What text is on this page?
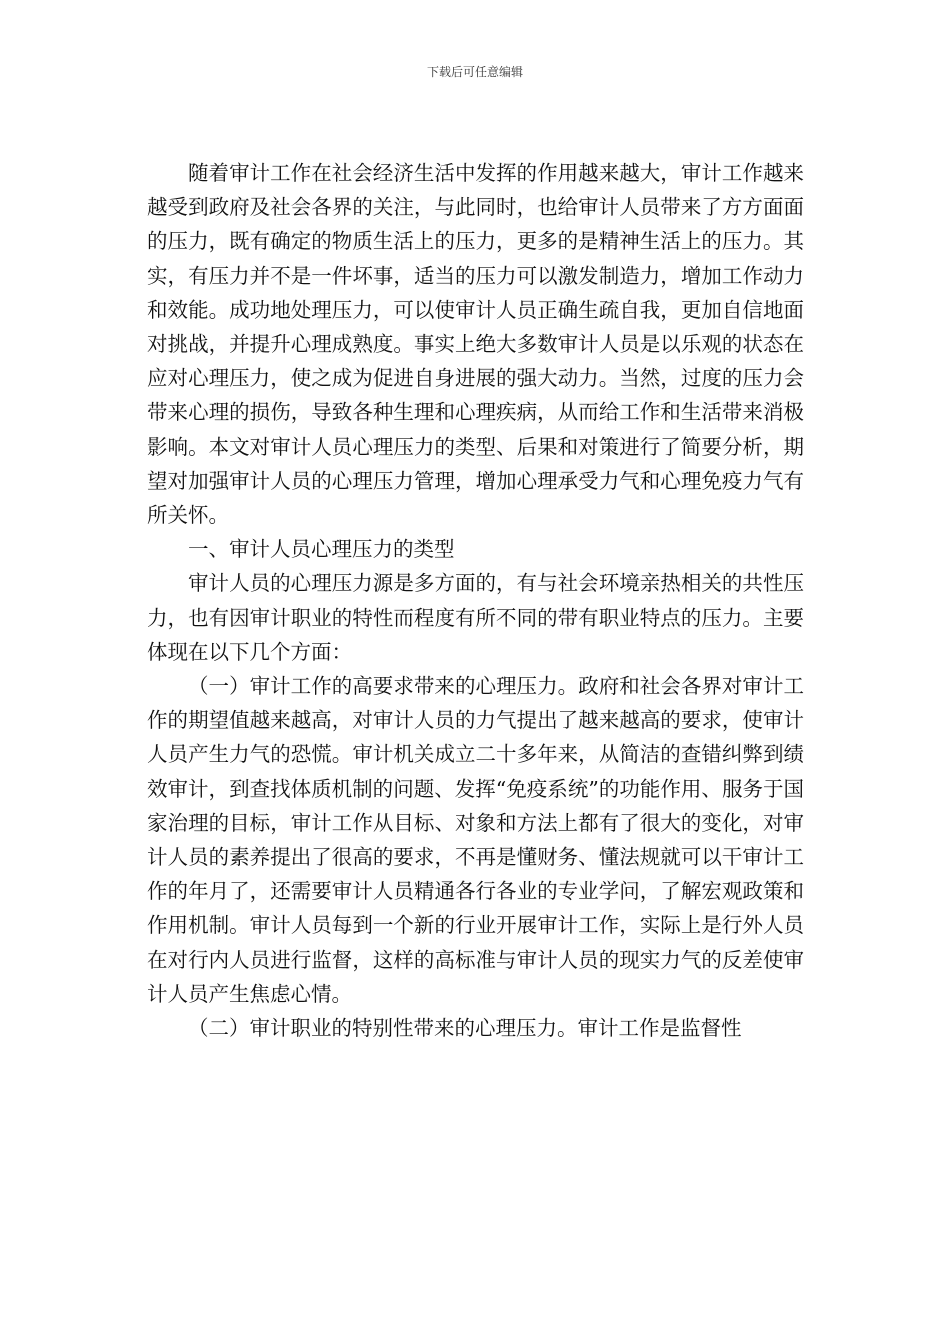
下载后可任意编辑

随着审计工作在社会经济生活中发挥的作用越来越大，审计工作越来越受到政府及社会各界的关注，与此同时，也给审计人员带来了方方面面的压力，既有确定的物质生活上的压力，更多的是精神生活上的压力。其实，有压力并不是一件坏事，适当的压力可以激发制造力，增加工作动力和效能。成功地处理压力，可以使审计人员正确生疏自我，更加自信地面对挑战，并提升心理成熟度。事实上绝大多数审计人员是以乐观的状态在应对心理压力，使之成为促进自身进展的强大动力。当然，过度的压力会带来心理的损伤，导致各种生理和心理疾病，从而给工作和生活带来消极影响。本文对审计人员心理压力的类型、后果和对策进行了简要分析，期望对加强审计人员的心理压力管理，增加心理承受力气和心理免疫力气有所关怀。

一、审计人员心理压力的类型

审计人员的心理压力源是多方面的，有与社会环境亲热相关的共性压力，也有因审计职业的特性而程度有所不同的带有职业特点的压力。主要体现在以下几个方面：

（一）审计工作的高要求带来的心理压力。政府和社会各界对审计工作的期望值越来越高，对审计人员的力气提出了越来越高的要求，使审计人员产生力气的恐慌。审计机关成立二十多年来，从简洁的查错纠弊到绩效审计，到查找体质机制的问题、发挥“免疫系统”的功能作用、服务于国家治理的目标，审计工作从目标、对象和方法上都有了很大的变化，对审计人员的素养提出了很高的要求，不再是懂财务、懂法规就可以干审计工作的年月了，还需要审计人员精通各行各业的专业学问，了解宏观政策和作用机制。审计人员每到一个新的行业开展审计工作，实际上是行外人员在对行内人员进行监督，这样的高标准与审计人员的现实力气的反差使审计人员产生焦虑心情。

（二）审计职业的特别性带来的心理压力。审计工作是监督性
